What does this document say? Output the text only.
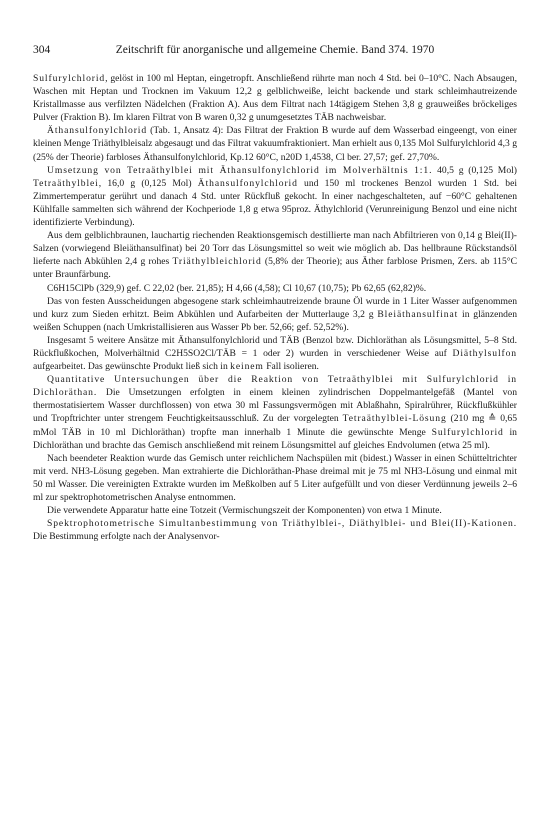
304	Zeitschrift für anorganische und allgemeine Chemie. Band 374. 1970

Sulfurylchlorid, gelöst in 100 ml Heptan, eingetropft. Anschließend rührte man noch 4 Std. bei 0–10°C. Nach Absaugen, Waschen mit Heptan und Trocknen im Vakuum 12,2 g gelblichweiße, leicht backende und stark schleimhautreizende Kristallmasse aus verfilzten Nädelchen (Fraktion A). Aus dem Filtrat nach 14tägigem Stehen 3,8 g grauweißes bröckeliges Pulver (Fraktion B). Im klaren Filtrat von B waren 0,32 g unumgesetztes TÄB nachweisbar.

Äthansulfonylchlorid (Tab. 1, Ansatz 4): Das Filtrat der Fraktion B wurde auf dem Wasserbad eingeengt, von einer kleinen Menge Triäthylbleisalz abgesaugt und das Filtrat vakuumfraktioniert. Man erhielt aus 0,135 Mol Sulfurylchlorid 4,3 g (25% der Theorie) farbloses Äthansulfonylchlorid, Kp.12 60°C, n20D 1,4538, Cl ber. 27,57; gef. 27,70%.

Umsetzung von Tetraäthylblei mit Äthansulfonylchlorid im Molverhältnis 1:1. 40,5 g (0,125 Mol) Tetraäthylblei, 16,0 g (0,125 Mol) Äthansulfonylchlorid und 150 ml trockenes Benzol wurden 1 Std. bei Zimmertemperatur gerührt und danach 4 Std. unter Rückfluß gekocht. In einer nachgeschalteten, auf −60°C gehaltenen Kühlfalle sammelten sich während der Kochperiode 1,8 g etwa 95proz. Äthylchlorid (Verunreinigung Benzol und eine nicht identifizierte Verbindung).

Aus dem gelblichbraunen, lauchartig riechenden Reaktionsgemisch destillierte man nach Abfiltrieren von 0,14 g Blei(II)-Salzen (vorwiegend Bleiäthansulfinat) bei 20 Torr das Lösungsmittel so weit wie möglich ab. Das hellbraune Rückstandsöl lieferte nach Abkühlen 2,4 g rohes Triäthylbleichlorid (5,8% der Theorie); aus Äther farblose Prismen, Zers. ab 115°C unter Braunfärbung.

C6H15ClPb (329,9) gef. C 22,02 (ber. 21,85); H 4,66 (4,58); Cl 10,67 (10,75); Pb 62,65 (62,82)%.

Das von festen Ausscheidungen abgesogene stark schleimhautreizende braune Öl wurde in 1 Liter Wasser aufgenommen und kurz zum Sieden erhitzt. Beim Abkühlen und Aufarbeiten der Mutterlauge 3,2 g Bleiäthansulfinat in glänzenden weißen Schuppen (nach Umkristallisieren aus Wasser Pb ber. 52,66; gef. 52,52%).

Insgesamt 5 weitere Ansätze mit Äthansulfonylchlorid und TÄB (Benzol bzw. Dichloräthan als Lösungsmittel, 5–8 Std. Rückflußkochen, Molverhältnid C2H5SO2Cl/TÄB = 1 oder 2) wurden in verschiedener Weise auf Diäthylsulfon aufgearbeitet. Das gewünschte Produkt ließ sich in keinem Fall isolieren.

Quantitative Untersuchungen über die Reaktion von Tetraäthylblei mit Sulfurylchlorid in Dichloräthan. Die Umsetzungen erfolgten in einem kleinen zylindrischen Doppelmantelgefäß (Mantel von thermostatisiertem Wasser durchflossen) von etwa 30 ml Fassungsvermögen mit Ablaßhahn, Spiralrührer, Rückflußkühler und Tropftrichter unter strengem Feuchtigkeitsausschluß. Zu der vorgelegten Tetraäthylblei-Lösung (210 mg ≙ 0,65 mMol TÄB in 10 ml Dichloräthan) tropfte man innerhalb 1 Minute die gewünschte Menge Sulfurylchlorid in Dichloräthan und brachte das Gemisch anschließend mit reinem Lösungsmittel auf gleiches Endvolumen (etwa 25 ml).

Nach beendeter Reaktion wurde das Gemisch unter reichlichem Nachspülen mit (bidest.) Wasser in einen Schütteltrichter mit verd. NH3-Lösung gegeben. Man extrahierte die Dichloräthan-Phase dreimal mit je 75 ml NH3-Lösung und einmal mit 50 ml Wasser. Die vereinigten Extrakte wurden im Meßkolben auf 5 Liter aufgefüllt und von dieser Verdünnung jeweils 2–6 ml zur spektrophotometrischen Analyse entnommen.

Die verwendete Apparatur hatte eine Totzeit (Vermischungszeit der Komponenten) von etwa 1 Minute.

Spektrophotometrische Simultanbestimmung von Triäthylblei-, Diäthylblei- und Blei(II)-Kationen. Die Bestimmung erfolgte nach der Analysenvor-
